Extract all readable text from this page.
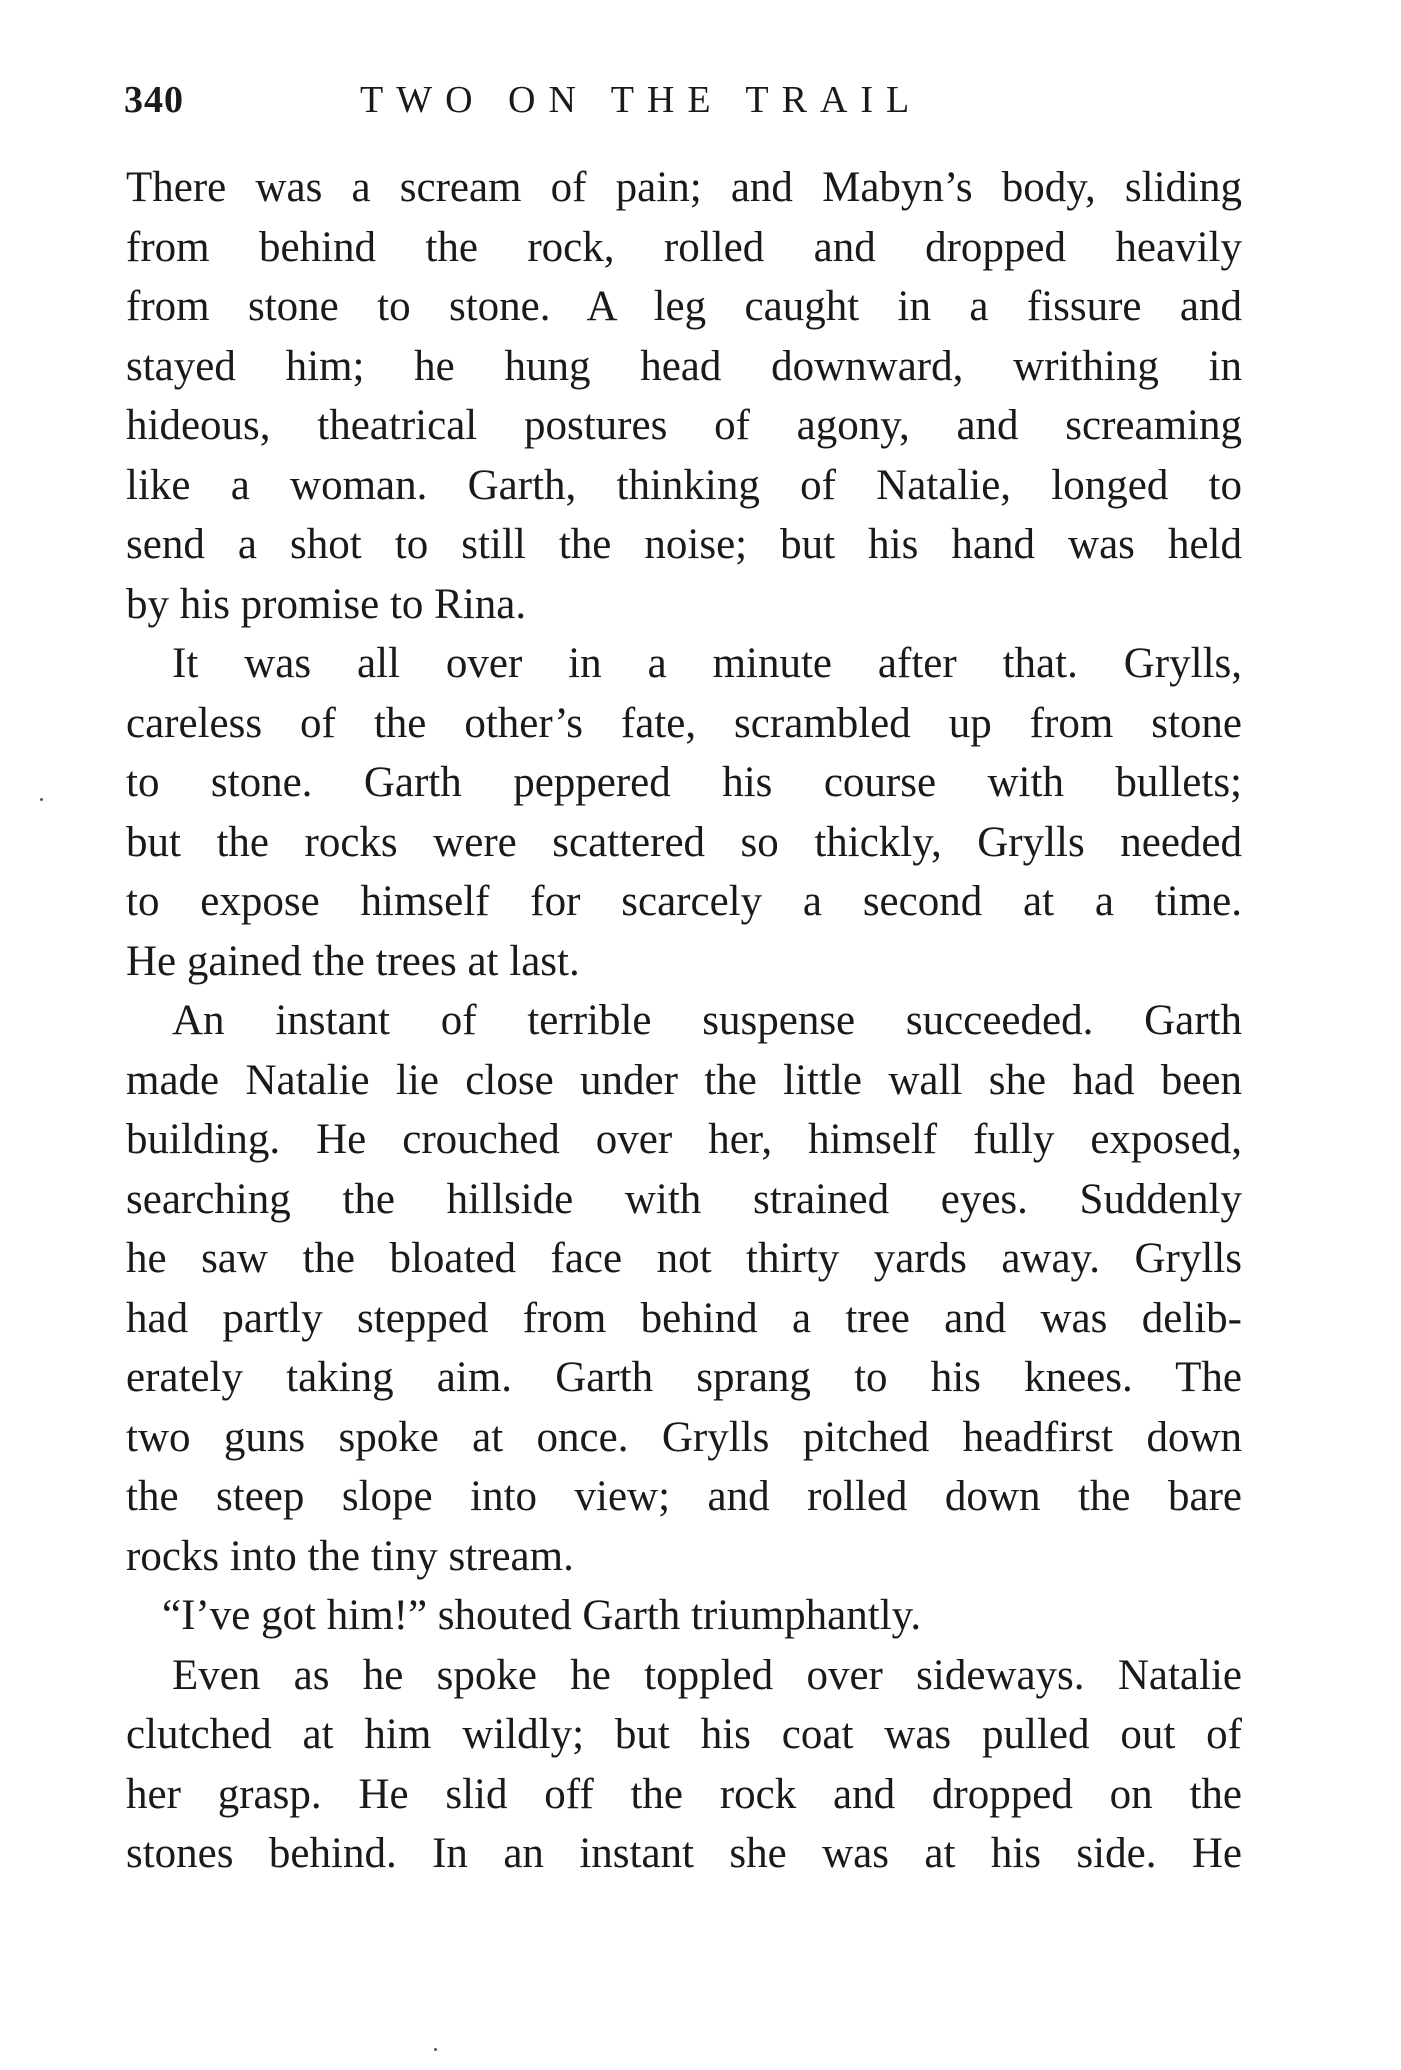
340	TWO ON THE TRAIL
There was a scream of pain; and Mabyn’s body, sliding
from behind the rock, rolled and dropped heavily
from stone to stone. A leg caught in a fissure and
stayed him; he hung head downward, writhing in
hideous, theatrical postures of agony, and screaming
like a woman. Garth, thinking of Natalie, longed to
send a shot to still the noise; but his hand was held
by his promise to Rina.
It was all over in a minute after that. Grylls,
careless of the other’s fate, scrambled up from stone
to stone. Garth peppered his course with bullets;
but the rocks were scattered so thickly, Grylls needed
to expose himself for scarcely a second at a time.
He gained the trees at last.
An instant of terrible suspense succeeded. Garth
made Natalie lie close under the little wall she had been
building. He crouched over her, himself fully exposed,
searching the hillside with strained eyes. Suddenly
he saw the bloated face not thirty yards away. Grylls
had partly stepped from behind a tree and was delib-
erately taking aim. Garth sprang to his knees. The
two guns spoke at once. Grylls pitched headfirst down
the steep slope into view; and rolled down the bare
rocks into the tiny stream.
“I’ve got him!” shouted Garth triumphantly.
Even as he spoke he toppled over sideways. Natalie
clutched at him wildly; but his coat was pulled out of
her grasp. He slid off the rock and dropped on the
stones behind. In an instant she was at his side. He
